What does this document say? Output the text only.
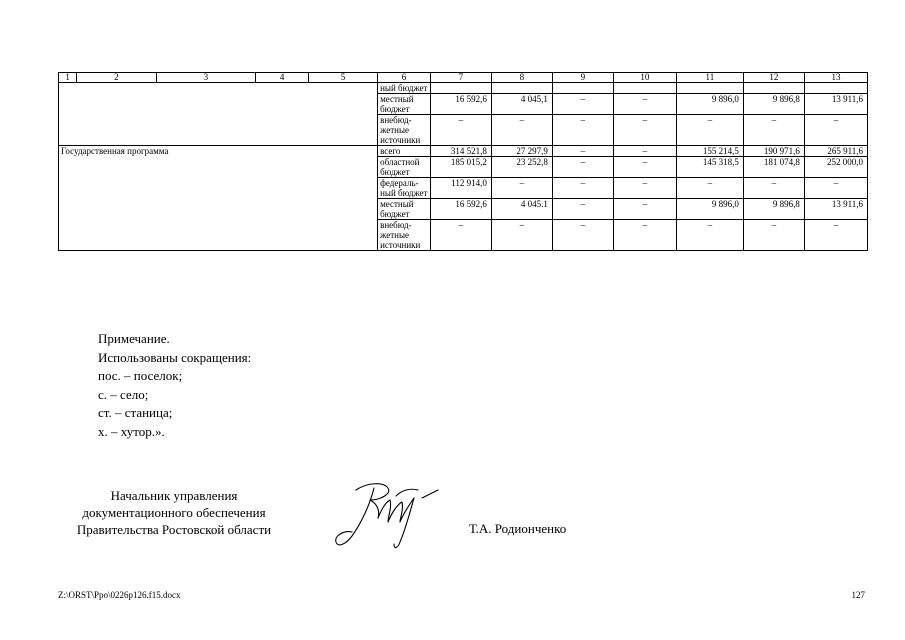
1	2	3	4	5	6	7	8	9	10	11	12	13
					ный бюджет							
					местный бюджет	16 592,6	4 045,1	–	–	9 896,0	9 896,8	13 911,6
					внебюд-жетные источники	–	–	–	–	–	–	–
Государственная программа					всего	314 521,8	27 297,9	–	–	155 214,5	190 971,6	265 911,6
					областной бюджет	185 015,2	23 252,8	–	–	145 318,5	181 074,8	252 000,0
					федераль-ный бюджет	112 914,0	–	–	–	–	–	–
					местный бюджет	16 592,6	4 045.1	–	–	9 896,0	9 896,8	13 911,6
					внебюд-жетные источники	–	–	–	–	–	–	–
Примечание.
Использованы сокращения:
пос. – поселок;
с. – село;
ст. – станица;
х. – хутор.».
Начальник управления
документационного обеспечения
Правительства Ростовской области	Т.А. Родионченко
Z:\ORST\Ppo\0226p126.f15.docx	127
